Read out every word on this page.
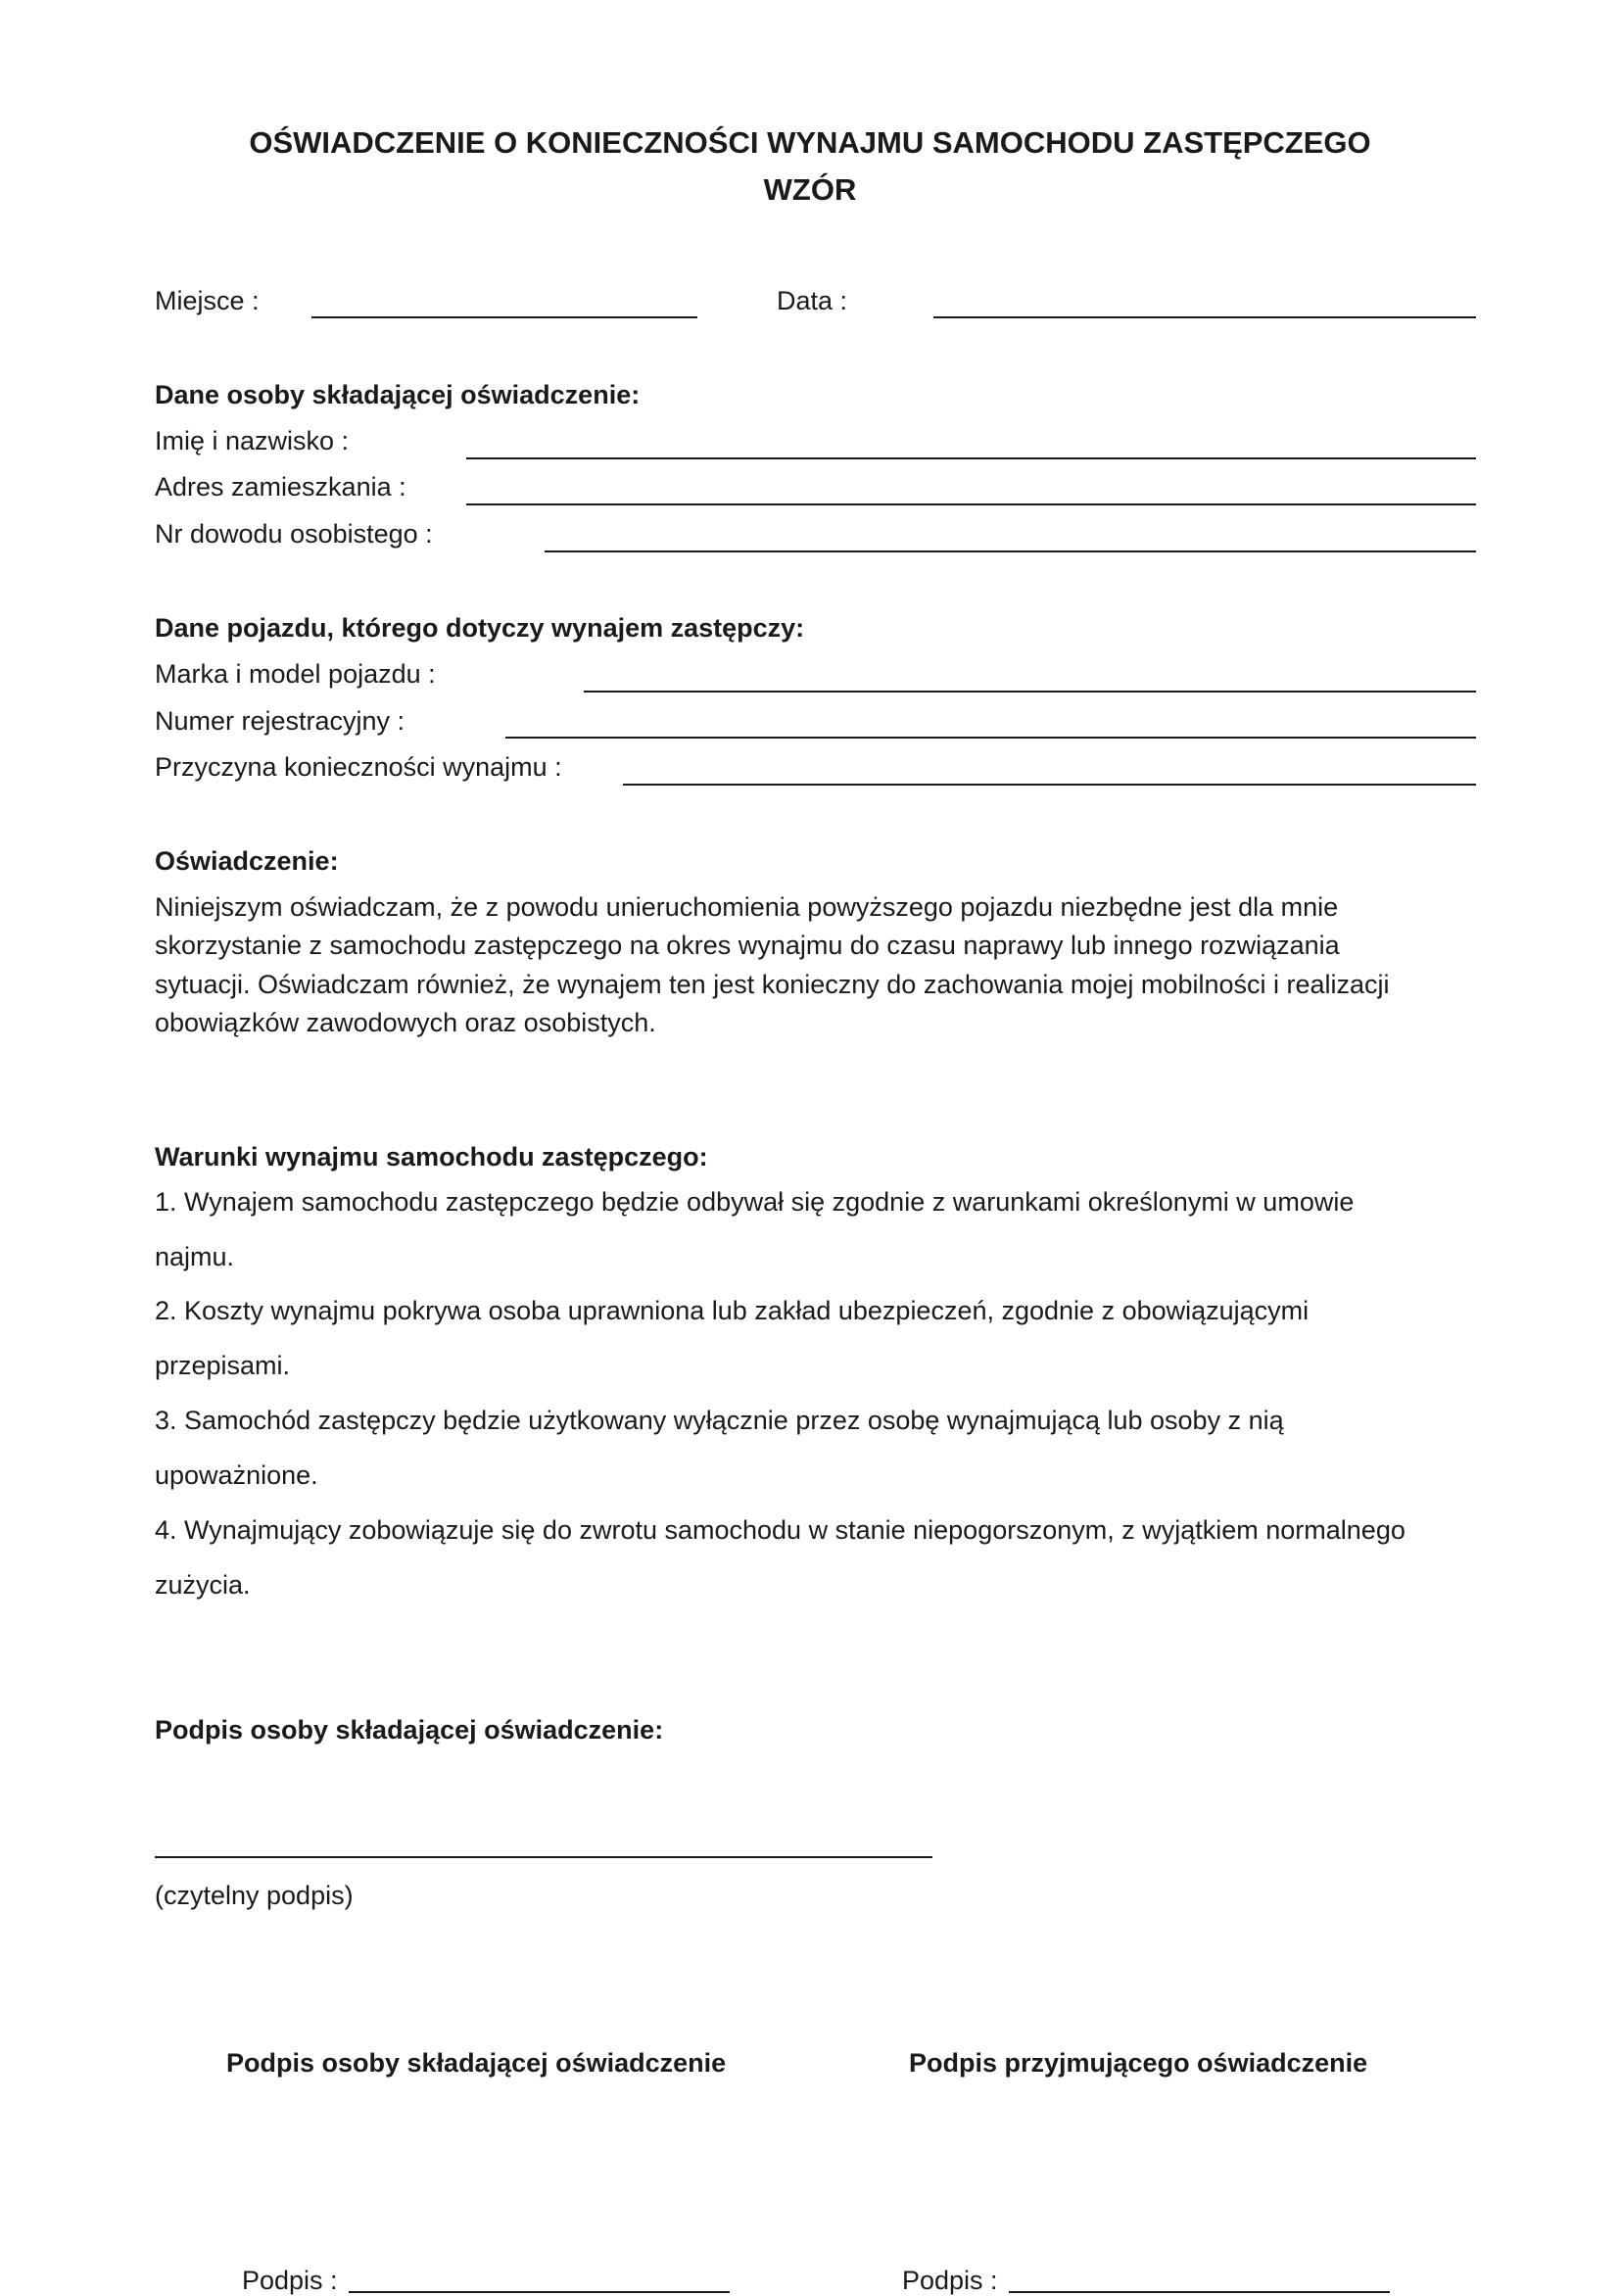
OŚWIADCZENIE O KONIECZNOŚCI WYNAJMU SAMOCHODU ZASTĘPCZEGO
WZÓR
Miejsce :	Data :
Dane osoby składającej oświadczenie:
Imię i nazwisko :
Adres zamieszkania :
Nr dowodu osobistego :
Dane pojazdu, którego dotyczy wynajem zastępczy:
Marka i model pojazdu :
Numer rejestracyjny :
Przyczyna konieczności wynajmu :
Oświadczenie:
Niniejszym oświadczam, że z powodu unieruchomienia powyższego pojazdu niezbędne jest dla mnie
skorzystanie z samochodu zastępczego na okres wynajmu do czasu naprawy lub innego rozwiązania
sytuacji. Oświadczam również, że wynajem ten jest konieczny do zachowania mojej mobilności i realizacji
obowiązków zawodowych oraz osobistych.
Warunki wynajmu samochodu zastępczego:
1. Wynajem samochodu zastępczego będzie odbywał się zgodnie z warunkami określonymi w umowie
najmu.
2. Koszty wynajmu pokrywa osoba uprawniona lub zakład ubezpieczeń, zgodnie z obowiązującymi
przepisami.
3. Samochód zastępczy będzie użytkowany wyłącznie przez osobę wynajmującą lub osoby z nią
upoważnione.
4. Wynajmujący zobowiązuje się do zwrotu samochodu w stanie niepogorszonym, z wyjątkiem normalnego
zużycia.
Podpis osoby składającej oświadczenie:
(czytelny podpis)
Podpis osoby składającej oświadczenie	Podpis przyjmującego oświadczenie
Podpis :	Podpis :
